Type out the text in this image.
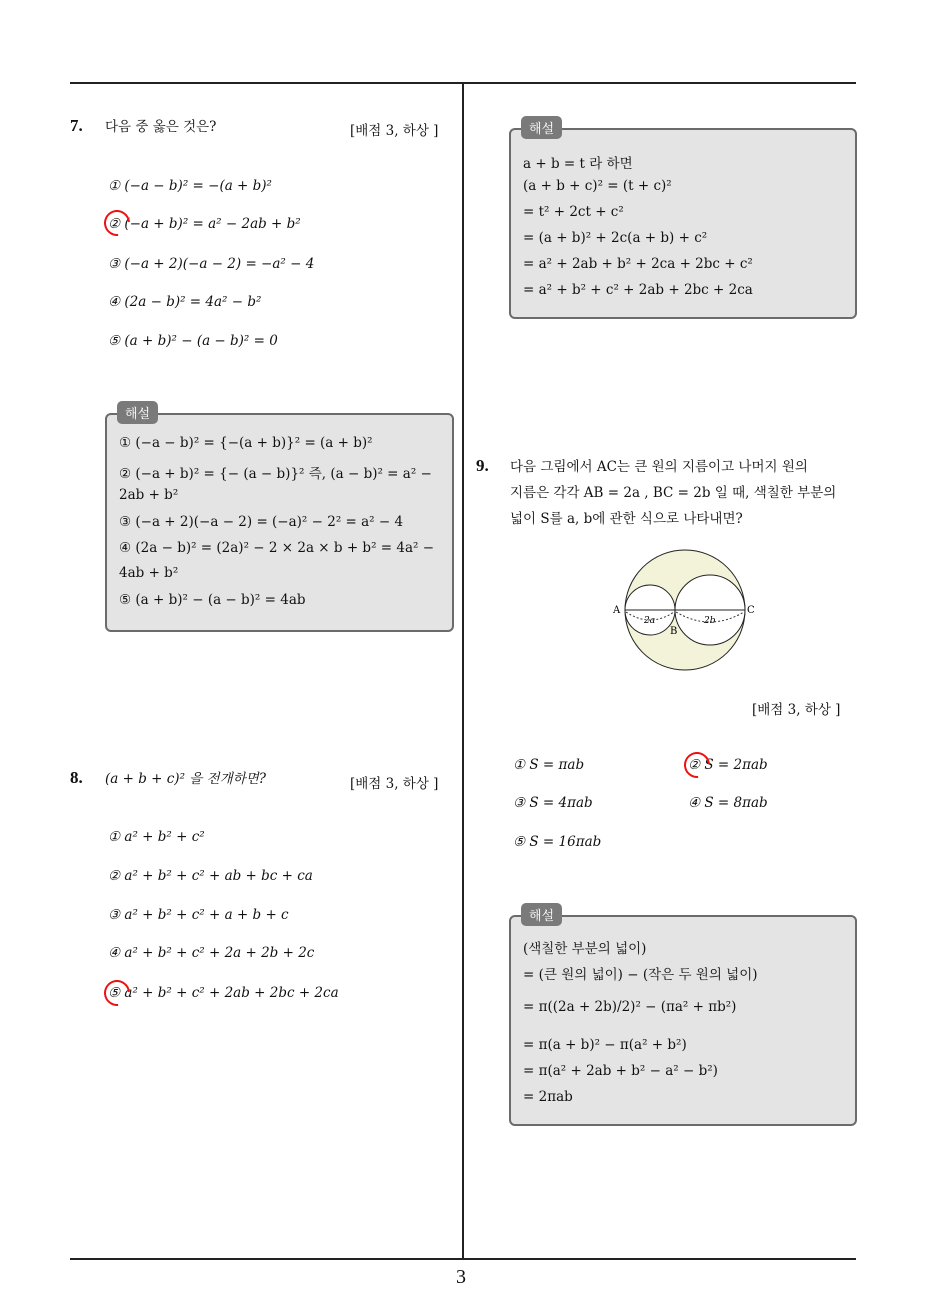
7. 다음 중 옳은 것은?	[배점 3, 하상 ]
① (−a − b)² = −(a + b)²
② (−a + b)² = a² − 2ab + b²
③ (−a + 2)(−a − 2) = −a² − 4
④ (2a − b)² = 4a² − b²
⑤ (a + b)² − (a − b)² = 0
해설
① (−a − b)² = {−(a + b)}² = (a + b)²
② (−a + b)² = {− (a − b)}² 즉, (a − b)² = a² −
2ab + b²
③ (−a + 2)(−a − 2) = (−a)² − 2² = a² − 4
④ (2a − b)² = (2a)² − 2 × 2a × b + b² = 4a² −
4ab + b²
⑤ (a + b)² − (a − b)² = 4ab
8. (a + b + c)² 을 전개하면?	[배점 3, 하상 ]
① a² + b² + c²
② a² + b² + c² + ab + bc + ca
③ a² + b² + c² + a + b + c
④ a² + b² + c² + 2a + 2b + 2c
⑤ a² + b² + c² + 2ab + 2bc + 2ca
해설
a + b = t 라 하면
(a + b + c)² = (t + c)²
= t² + 2ct + c²
= (a + b)² + 2c(a + b) + c²
= a² + 2ab + b² + 2ca + 2bc + c²
= a² + b² + c² + 2ab + 2bc + 2ca
9. 다음 그림에서 AC는 큰 원의 지름이고 나머지 원의
지름은 각각 AB = 2a , BC = 2b 일 때, 색칠한 부분의
넓이 S를 a, b에 관한 식으로 나타내면?
A
B
C
2a	2b
[배점 3, 하상 ]
① S = πab	② S = 2πab
③ S = 4πab	④ S = 8πab
⑤ S = 16πab
해설
(색칠한 부분의 넓이)
= (큰 원의 넓이) − (작은 두 원의 넓이)
= π((2a + 2b)/2)² − (πa² + πb²)
= π(a + b)² − π(a² + b²)
= π(a² + 2ab + b² − a² − b²)
= 2πab
3
